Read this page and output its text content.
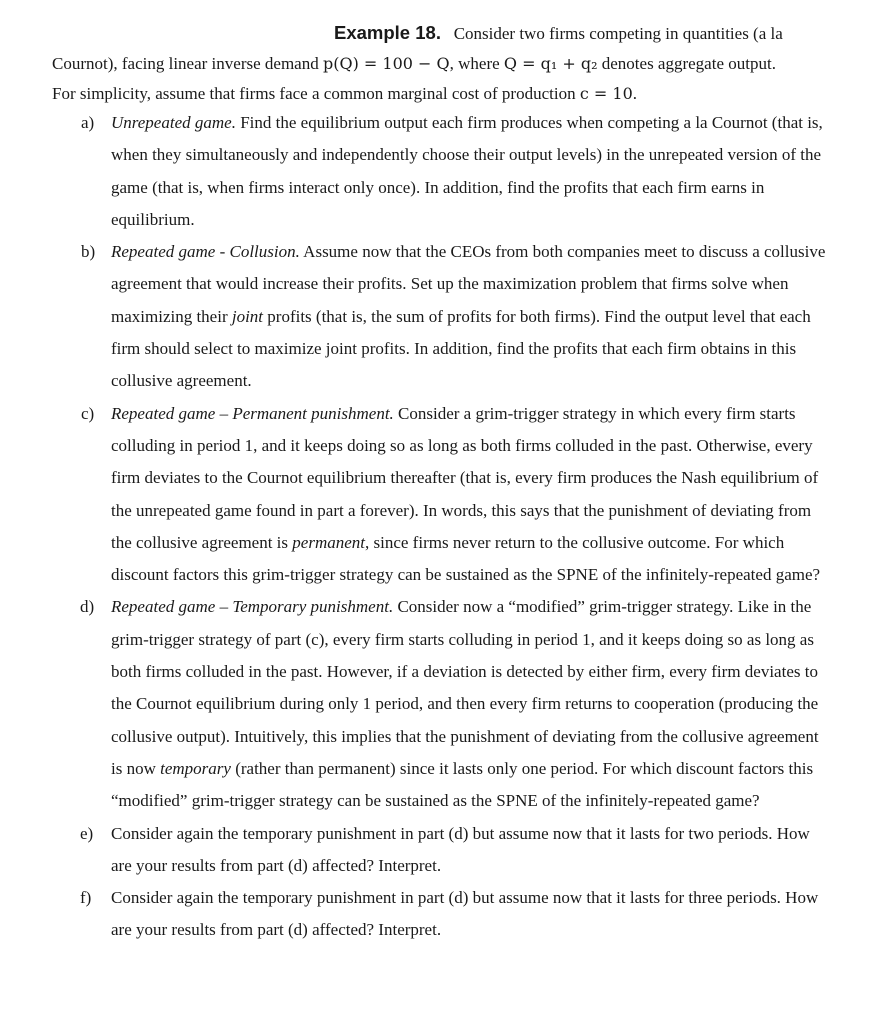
Example 18. Consider two firms competing in quantities (a la
Cournot), facing linear inverse demand p(Q) = 100 − Q, where Q = q₁ + q₂ denotes aggregate output.
For simplicity, assume that firms face a common marginal cost of production c = 10.

a) Unrepeated game. Find the equilibrium output each firm produces when competing a la Cournot (that is, when they simultaneously and independently choose their output levels) in the unrepeated version of the game (that is, when firms interact only once). In addition, find the profits that each firm earns in equilibrium.
b) Repeated game - Collusion. Assume now that the CEOs from both companies meet to discuss a collusive agreement that would increase their profits. Set up the maximization problem that firms solve when maximizing their joint profits (that is, the sum of profits for both firms). Find the output level that each firm should select to maximize joint profits. In addition, find the profits that each firm obtains in this collusive agreement.
c) Repeated game – Permanent punishment. Consider a grim-trigger strategy in which every firm starts colluding in period 1, and it keeps doing so as long as both firms colluded in the past. Otherwise, every firm deviates to the Cournot equilibrium thereafter (that is, every firm produces the Nash equilibrium of the unrepeated game found in part a forever). In words, this says that the punishment of deviating from the collusive agreement is permanent, since firms never return to the collusive outcome. For which discount factors this grim-trigger strategy can be sustained as the SPNE of the infinitely-repeated game?
d) Repeated game – Temporary punishment. Consider now a “modified” grim-trigger strategy. Like in the grim-trigger strategy of part (c), every firm starts colluding in period 1, and it keeps doing so as long as both firms colluded in the past. However, if a deviation is detected by either firm, every firm deviates to the Cournot equilibrium during only 1 period, and then every firm returns to cooperation (producing the collusive output). Intuitively, this implies that the punishment of deviating from the collusive agreement is now temporary (rather than permanent) since it lasts only one period. For which discount factors this “modified” grim-trigger strategy can be sustained as the SPNE of the infinitely-repeated game?
e) Consider again the temporary punishment in part (d) but assume now that it lasts for two periods. How are your results from part (d) affected? Interpret.
f) Consider again the temporary punishment in part (d) but assume now that it lasts for three periods. How are your results from part (d) affected? Interpret.
